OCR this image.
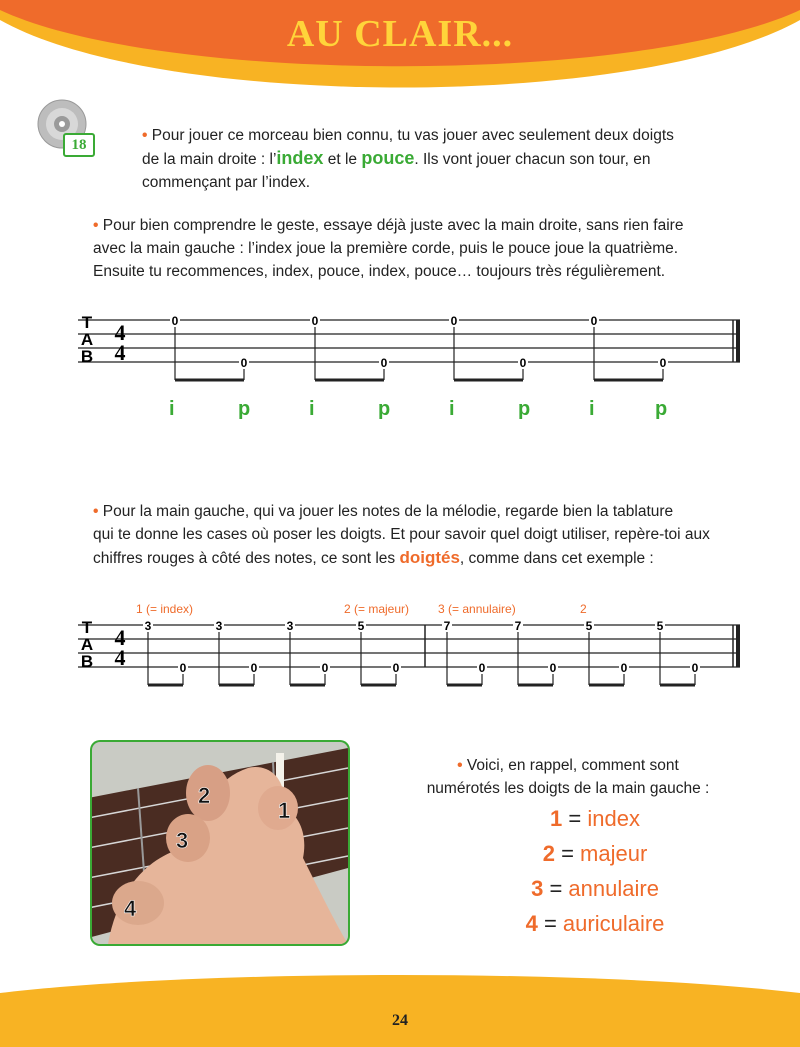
AU CLAIR...
18
• Pour jouer ce morceau bien connu, tu vas jouer avec seulement deux doigts
de la main droite : l’index et le pouce. Ils vont jouer chacun son tour, en
commençant par l’index.
• Pour bien comprendre le geste, essaye déjà juste avec la main droite, sans rien faire
avec la main gauche : l’index joue la première corde, puis le pouce joue la quatrième.
Ensuite tu recommences, index, pouce, index, pouce… toujours très régulièrement.
T
A
B
4
4
0
0
0
0
0
0
0
0
i	p	i	p	i	p	i	p
• Pour la main gauche, qui va jouer les notes de la mélodie, regarde bien la tablature
qui te donne les cases où poser les doigts. Et pour savoir quel doigt utiliser, repère-toi aux
chiffres rouges à côté des notes, ce sont les doigtés, comme dans cet exemple :
1 (= index)	2 (= majeur) 3 (= annulaire)	2
T
A
B
4
4
3
0
3
0
3
0
5
0
7
0
7
0
5
0
5
0
2
1
3
4
• Voici, en rappel, comment sont
numérotés les doigts de la main gauche :
1 = index
2 = majeur
3 = annulaire
4 = auriculaire
24
